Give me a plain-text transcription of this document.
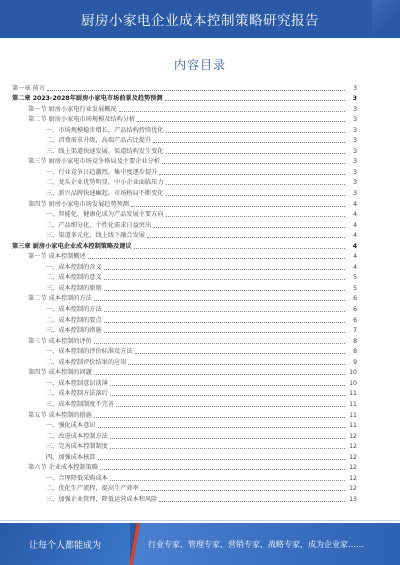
厨房小家电企业成本控制策略研究报告
内容目录
第一章 前言	3
第二章 2023-2028年厨房小家电市场前景及趋势预测	3
第一节 厨房小家电行业发展概况	3
第二节 厨房小家电市场规模及结构分析	3
一、市场规模稳步增长，产品结构持续优化	3
二、消费需求升级，高端产品占比提升	3
三、线上渠道快速发展，渠道结构发生变化	3
第三节 厨房小家电市场竞争格局及主要企业分析	3
一、行业竞争日趋激烈，集中度逐步提升	3
二、龙头企业优势明显，中小企业面临压力	3
三、新兴品牌快速崛起，市场格局不断变化	3
第四节 厨房小家电市场发展趋势预测	4
一、智能化、健康化成为产品发展主要方向	4
二、产品细分化、个性化需求日益突出	4
三、渠道多元化，线上线下融合发展	4
第三章 厨房小家电企业成本控制策略及建议	4
第一节 成本控制概述	4
一、成本控制的含义	4
二、成本控制的意义	5
三、成本控制的原则	5
第二节 成本控制的方法	6
一、成本控制的方法	6
二、成本控制的要点	6
三、成本控制的措施	7
第三节 成本控制的评价	8
一、成本控制的评价标准及方法	8
二、成本控制评价结果的应用	9
第四节 成本控制的问题	10
一、成本控制意识淡薄	10
二、成本控制方法落后	11
三、成本控制制度不完善	11
第五节 成本控制的措施	11
一、强化成本意识	11
二、改进成本控制方法	12
三、完善成本控制制度	12
四、加强成本核算	12
第六节 企业成本控制策略	12
一、合理降低采购成本	12
二、优化生产流程，提高生产效率	12
三、加强企业管理，降低运营成本和风险	13
让每个人都能成为	行业专家、管理专家、营销专家、战略专家、成为企业家……
